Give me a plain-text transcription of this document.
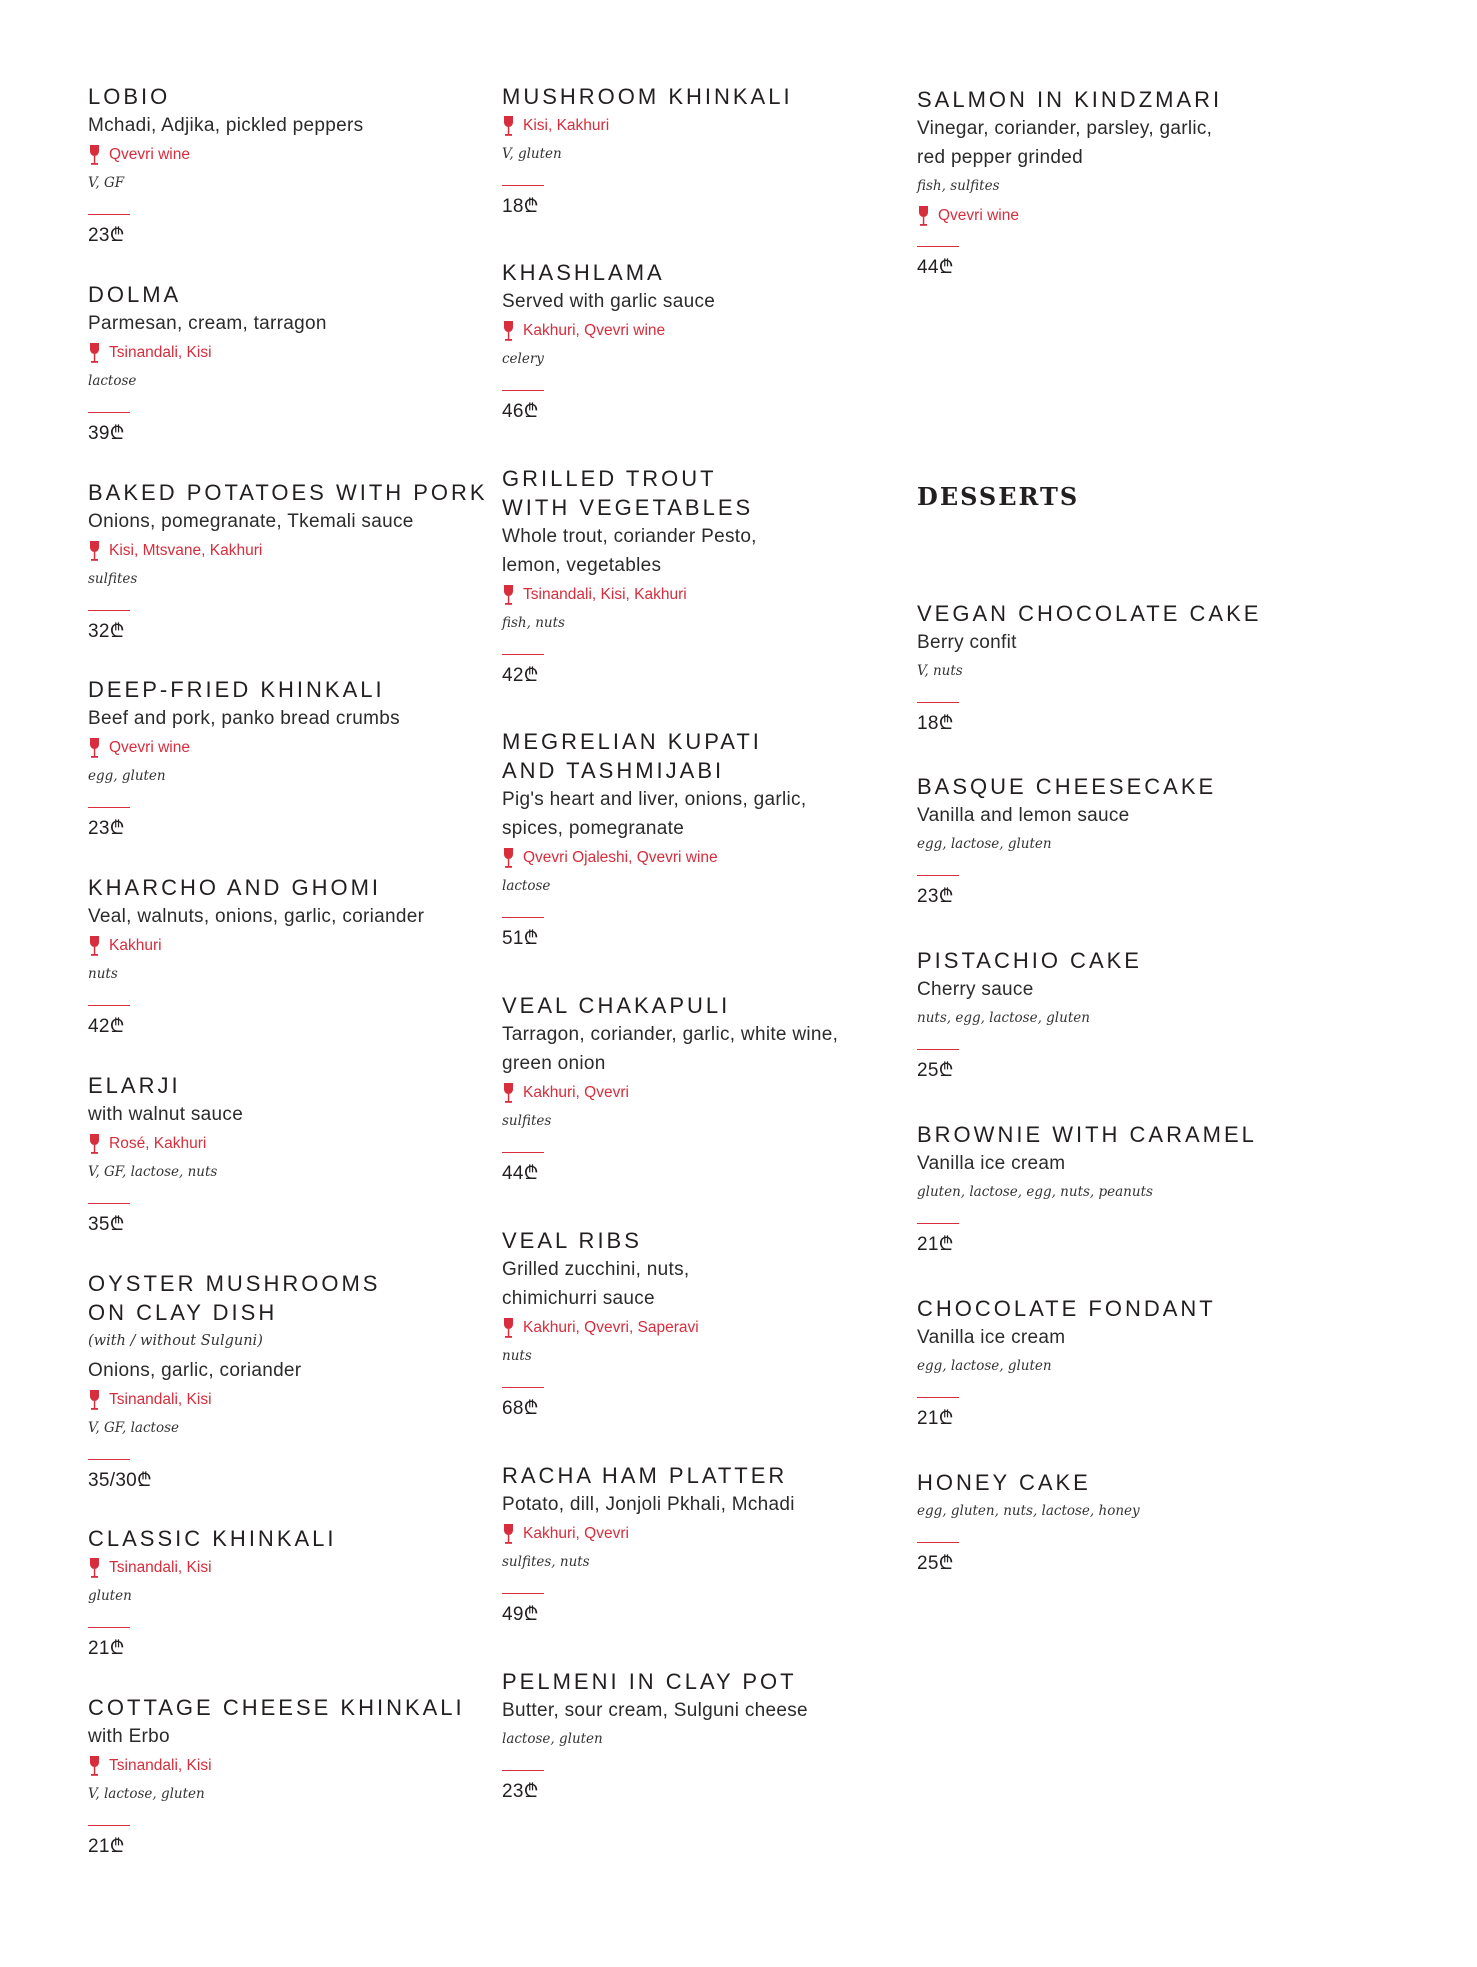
LOBIO
Mchadi, Adjika, pickled peppers
Qvevri wine
V, GF
23₾
DOLMA
Parmesan, cream, tarragon
Tsinandali, Kisi
lactose
39₾
BAKED POTATOES WITH PORK
Onions, pomegranate, Tkemali sauce
Kisi, Mtsvane, Kakhuri
sulfites
32₾
DEEP-FRIED KHINKALI
Beef and pork, panko bread crumbs
Qvevri wine
egg, gluten
23₾
KHARCHO AND GHOMI
Veal, walnuts, onions, garlic, coriander
Kakhuri
nuts
42₾
ELARJI
with walnut sauce
Rosé, Kakhuri
V, GF, lactose, nuts
35₾
OYSTER MUSHROOMS
ON CLAY DISH
(with / without Sulguni)
Onions, garlic, coriander
Tsinandali, Kisi
V, GF, lactose
35/30₾
CLASSIC KHINKALI
Tsinandali, Kisi
gluten
21₾
COTTAGE CHEESE KHINKALI
with Erbo
Tsinandali, Kisi
V, lactose, gluten
21₾
MUSHROOM KHINKALI
Kisi, Kakhuri
V, gluten
18₾
KHASHLAMA
Served with garlic sauce
Kakhuri, Qvevri wine
celery
46₾
GRILLED TROUT
WITH VEGETABLES
Whole trout, coriander Pesto,
lemon, vegetables
Tsinandali, Kisi, Kakhuri
fish, nuts
42₾
MEGRELIAN KUPATI
AND TASHMIJABI
Pig's heart and liver, onions, garlic,
spices, pomegranate
Qvevri Ojaleshi, Qvevri wine
lactose
51₾
VEAL CHAKAPULI
Tarragon, coriander, garlic, white wine,
green onion
Kakhuri, Qvevri
sulfites
44₾
VEAL RIBS
Grilled zucchini, nuts,
chimichurri sauce
Kakhuri, Qvevri, Saperavi
nuts
68₾
RACHA HAM PLATTER
Potato, dill, Jonjoli Pkhali, Mchadi
Kakhuri, Qvevri
sulfites, nuts
49₾
PELMENI IN CLAY POT
Butter, sour cream, Sulguni cheese
lactose, gluten
23₾
SALMON IN KINDZMARI
Vinegar, coriander, parsley, garlic,
red pepper grinded
fish, sulfites
Qvevri wine
44₾
DESSERTS
VEGAN CHOCOLATE CAKE
Berry confit
V, nuts
18₾
BASQUE CHEESECAKE
Vanilla and lemon sauce
egg, lactose, gluten
23₾
PISTACHIO CAKE
Cherry sauce
nuts, egg, lactose, gluten
25₾
BROWNIE WITH CARAMEL
Vanilla ice cream
gluten, lactose, egg, nuts, peanuts
21₾
CHOCOLATE FONDANT
Vanilla ice cream
egg, lactose, gluten
21₾
HONEY CAKE
egg, gluten, nuts, lactose, honey
25₾
